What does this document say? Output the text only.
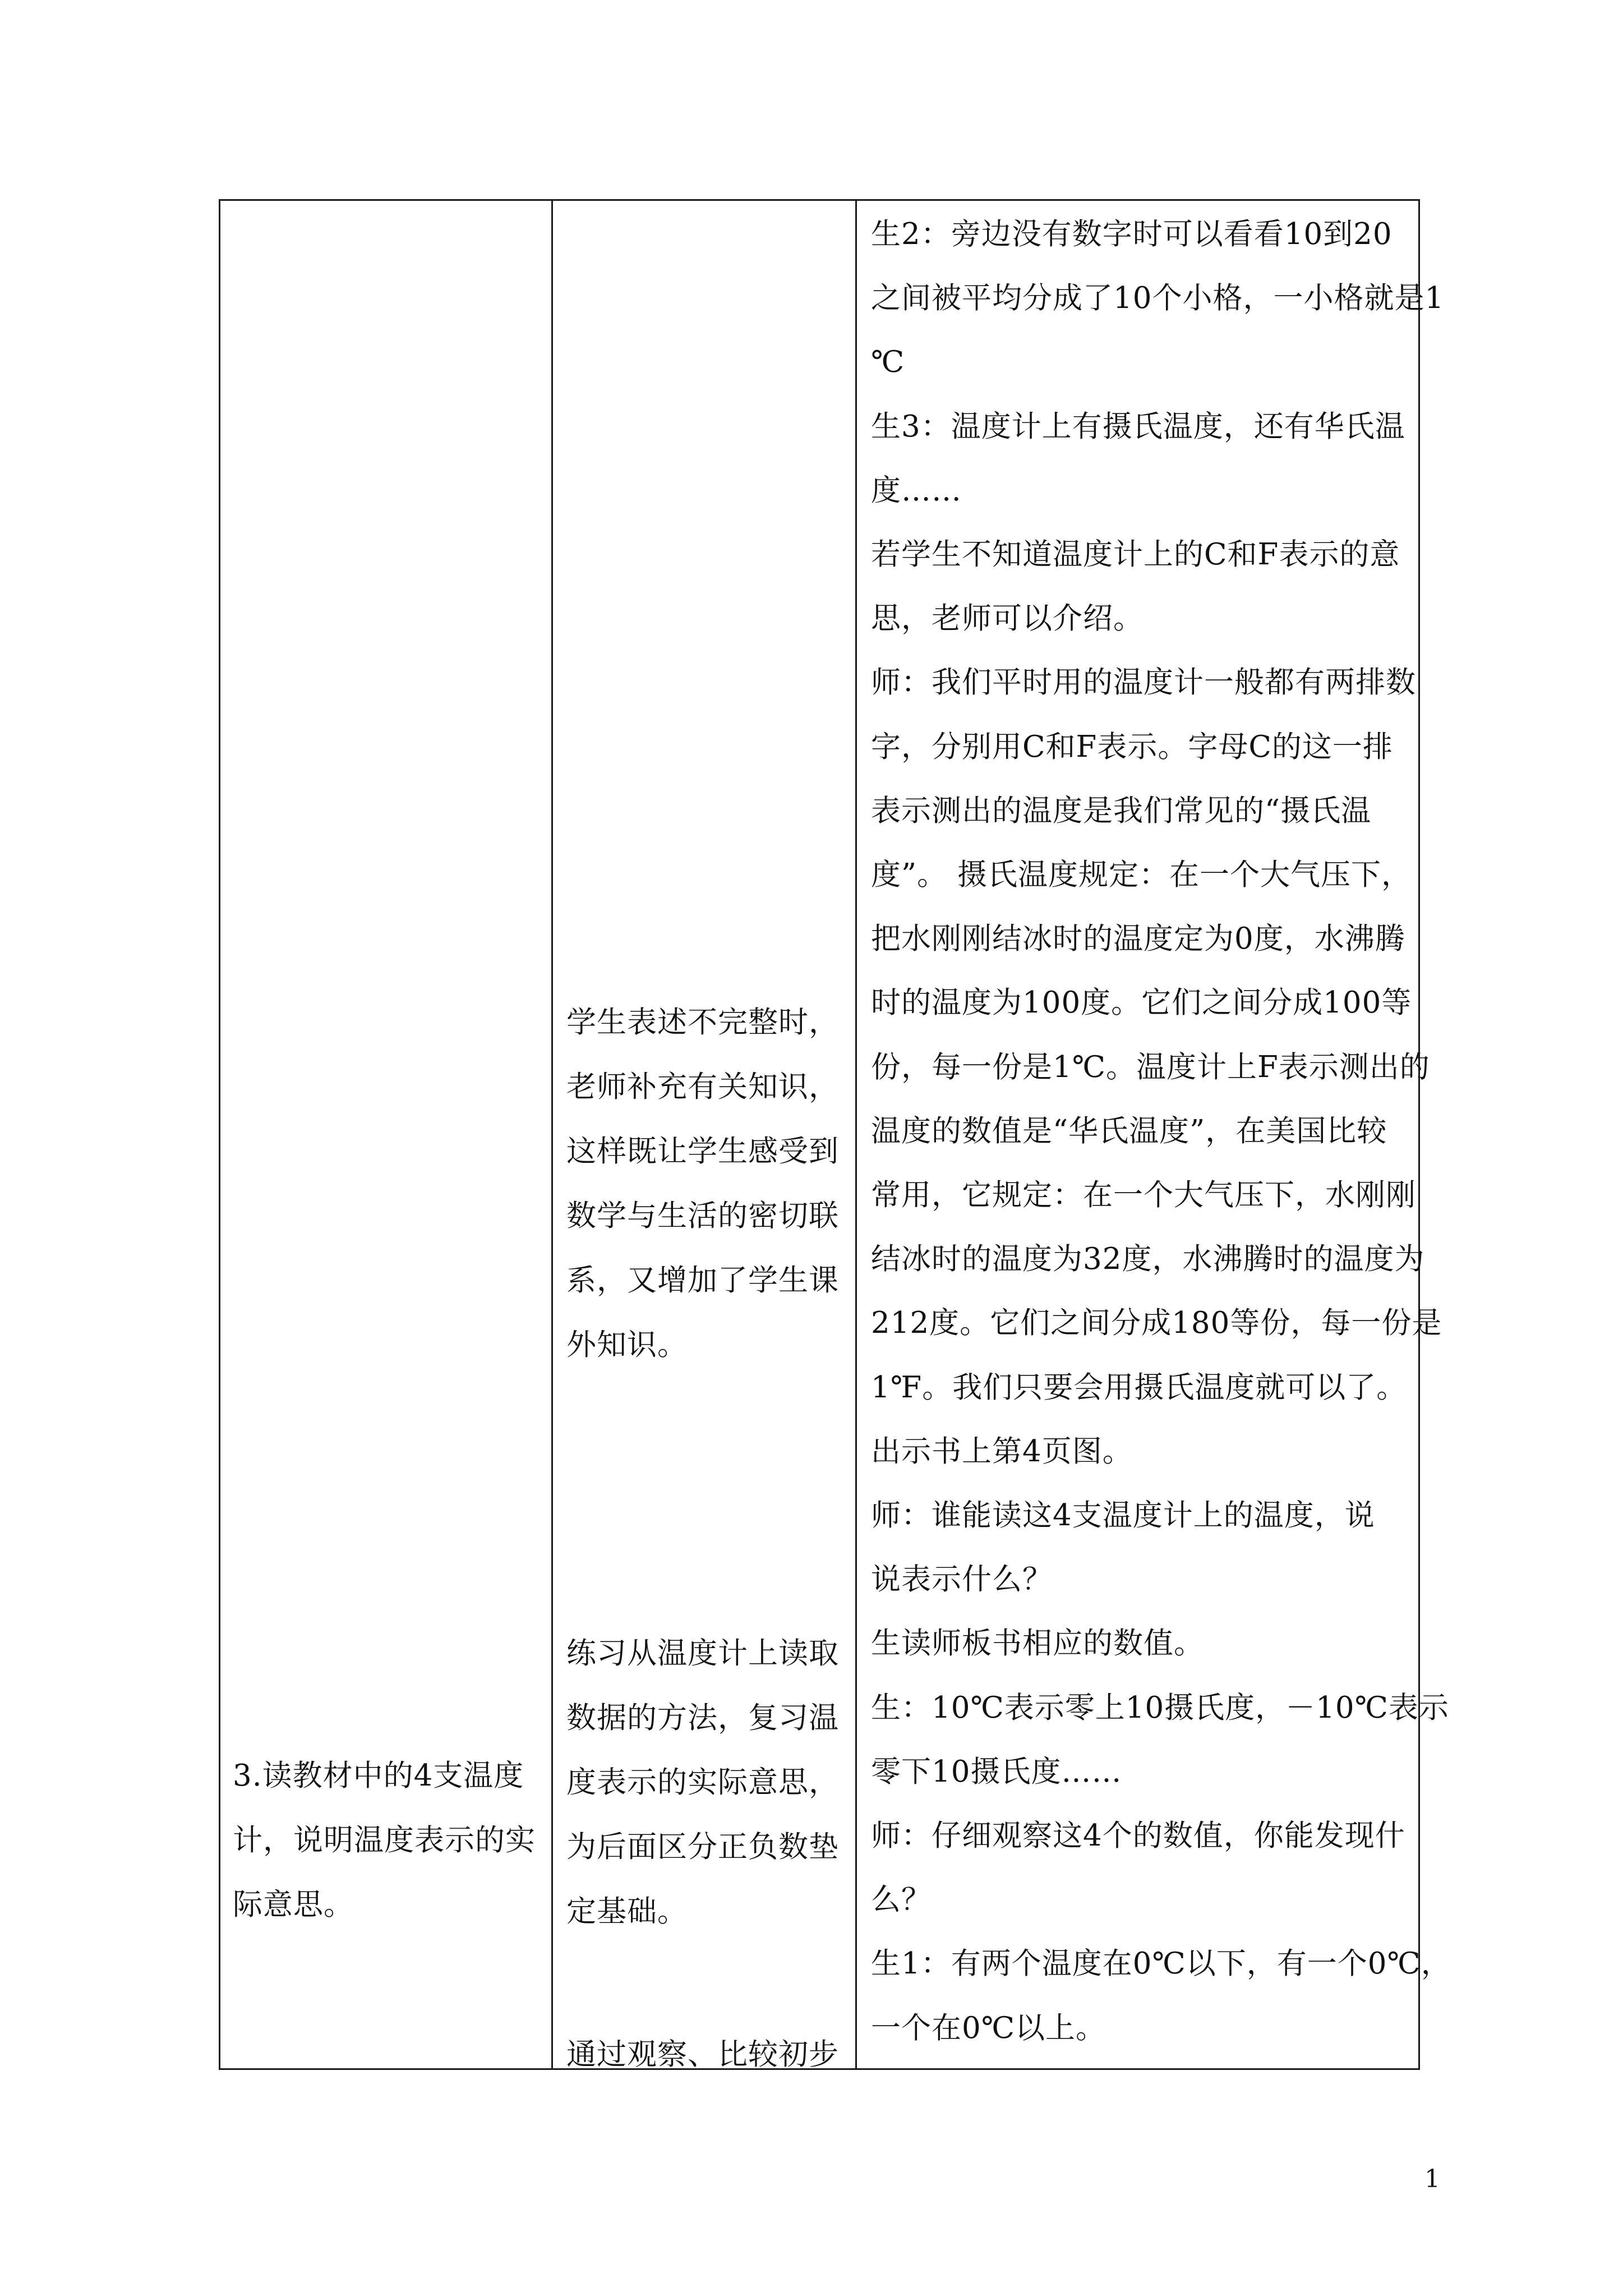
3.读教材中的4支温度
计，说明温度表示的实
际意思。
学生表述不完整时，
老师补充有关知识，
这样既让学生感受到
数学与生活的密切联
系，又增加了学生课
外知识。
练习从温度计上读取
数据的方法，复习温
度表示的实际意思，
为后面区分正负数垫
定基础。
通过观察、比较初步
生2：旁边没有数字时可以看看10到20
之间被平均分成了10个小格，一小格就是1
℃
生3：温度计上有摄氏温度，还有华氏温
度……
若学生不知道温度计上的C和F表示的意
思，老师可以介绍。
师：我们平时用的温度计一般都有两排数
字，分别用C和F表示。字母C的这一排
表示测出的温度是我们常见的“摄氏温
度”。 摄氏温度规定：在一个大气压下，
把水刚刚结冰时的温度定为0度，水沸腾
时的温度为100度。它们之间分成100等
份，每一份是1℃。温度计上F表示测出的
温度的数值是“华氏温度”，在美国比较
常用，它规定：在一个大气压下，水刚刚
结冰时的温度为32度，水沸腾时的温度为
212度。它们之间分成180等份，每一份是
1℉。我们只要会用摄氏温度就可以了。
出示书上第4页图。
师：谁能读这4支温度计上的温度，说
说表示什么？
生读师板书相应的数值。
生：10℃表示零上10摄氏度，－10℃表示
零下10摄氏度……
师：仔细观察这4个的数值，你能发现什
么？
生1：有两个温度在0℃以下，有一个0℃，
一个在0℃以上。
1
